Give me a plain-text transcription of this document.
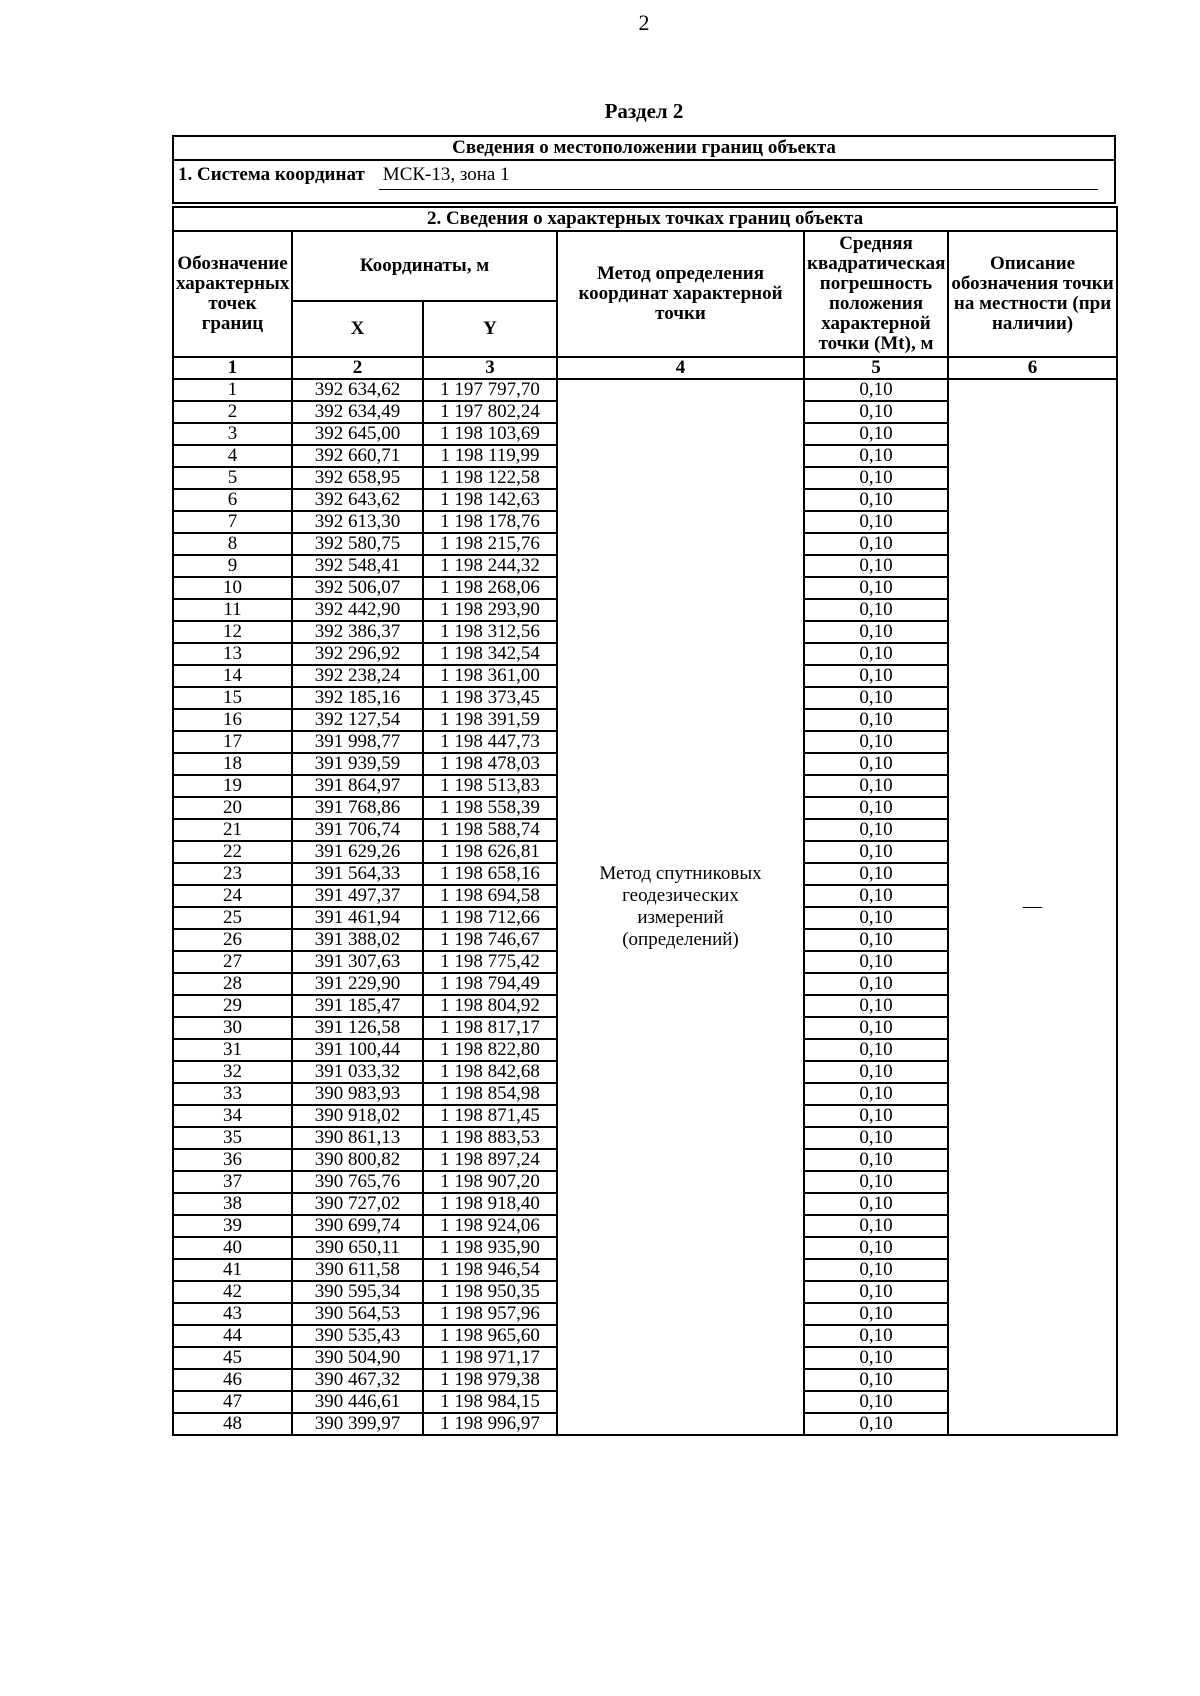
2
Раздел 2
Сведения о местоположении границ объекта

1. Система координат МСК-13, зона 1
2. Сведения о характерных точках границ объекта					
Обозначение характерных точек границ	Координаты, м		Метод определения координат характерной точки	Средняя квадратическая погрешность положения характерной точки (Mt), м	Описание обозначения точки на местности (при наличии)
	X	Y			
1	2	3	4	5	6
1	392 634,62	1 197 797,70	Метод спутниковых геодезических измерений (определений)	0,10	—
2	392 634,49	1 197 802,24		0,10	
3	392 645,00	1 198 103,69		0,10	
4	392 660,71	1 198 119,99		0,10	
5	392 658,95	1 198 122,58		0,10	
6	392 643,62	1 198 142,63		0,10	
7	392 613,30	1 198 178,76		0,10	
8	392 580,75	1 198 215,76		0,10	
9	392 548,41	1 198 244,32		0,10	
10	392 506,07	1 198 268,06		0,10	
11	392 442,90	1 198 293,90		0,10	
12	392 386,37	1 198 312,56		0,10	
13	392 296,92	1 198 342,54		0,10	
14	392 238,24	1 198 361,00		0,10	
15	392 185,16	1 198 373,45		0,10	
16	392 127,54	1 198 391,59		0,10	
17	391 998,77	1 198 447,73		0,10	
18	391 939,59	1 198 478,03		0,10	
19	391 864,97	1 198 513,83		0,10	
20	391 768,86	1 198 558,39		0,10	
21	391 706,74	1 198 588,74		0,10	
22	391 629,26	1 198 626,81		0,10	
23	391 564,33	1 198 658,16		0,10	
24	391 497,37	1 198 694,58		0,10	
25	391 461,94	1 198 712,66		0,10	
26	391 388,02	1 198 746,67		0,10	
27	391 307,63	1 198 775,42		0,10	
28	391 229,90	1 198 794,49		0,10	
29	391 185,47	1 198 804,92		0,10	
30	391 126,58	1 198 817,17		0,10	
31	391 100,44	1 198 822,80		0,10	
32	391 033,32	1 198 842,68		0,10	
33	390 983,93	1 198 854,98		0,10	
34	390 918,02	1 198 871,45		0,10	
35	390 861,13	1 198 883,53		0,10	
36	390 800,82	1 198 897,24		0,10	
37	390 765,76	1 198 907,20		0,10	
38	390 727,02	1 198 918,40		0,10	
39	390 699,74	1 198 924,06		0,10	
40	390 650,11	1 198 935,90		0,10	
41	390 611,58	1 198 946,54		0,10	
42	390 595,34	1 198 950,35		0,10	
43	390 564,53	1 198 957,96		0,10	
44	390 535,43	1 198 965,60		0,10	
45	390 504,90	1 198 971,17		0,10	
46	390 467,32	1 198 979,38		0,10	
47	390 446,61	1 198 984,15		0,10	
48	390 399,97	1 198 996,97		0,10	
